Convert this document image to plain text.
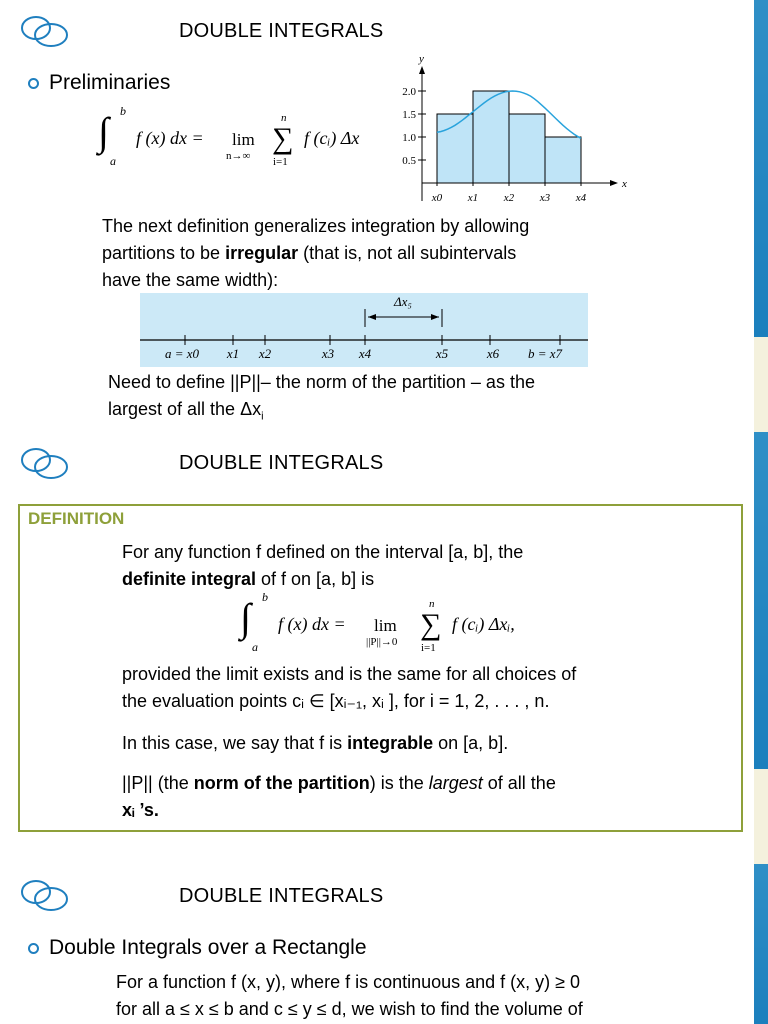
DOUBLE INTEGRALS
Preliminaries
∫ b
a
f (x) dx = lim
n→∞
n
∑
i=1
f (cᵢ) Δx
x
y
0.5
1.0
1.5
2.0
x0 x1 x2 x3 x4
The next definition generalizes integration by allowing
partitions to be irregular (that is, not all subintervals
have the same width):
Δx₅
a = x0 x1 x2	x3 x4	x5	x6 b = x7
Need to define ||P||– the norm of the partition – as the
largest of all the $\Delta x_i$
DOUBLE INTEGRALS
DEFINITION
For any function f defined on the interval [a, b], the
definite integral of f on [a, b] is
∫ b
a
f (x) dx = lim
||P||→0
n
∑
i=1
f (cᵢ) Δxᵢ,
provided the limit exists and is the same for all choices of
the evaluation points cᵢ ∈ [xᵢ₋₁, xᵢ ], for i = 1, 2, . . . , n.
In this case, we say that f is integrable on [a, b].
||P|| (the norm of the partition) is the largest of all the
xᵢ ’s.
DOUBLE INTEGRALS
Double Integrals over a Rectangle
For a function f (x, y), where f is continuous and f (x, y) ≥ 0
for all a ≤ x ≤ b and c ≤ y ≤ d, we wish to find the volume of
